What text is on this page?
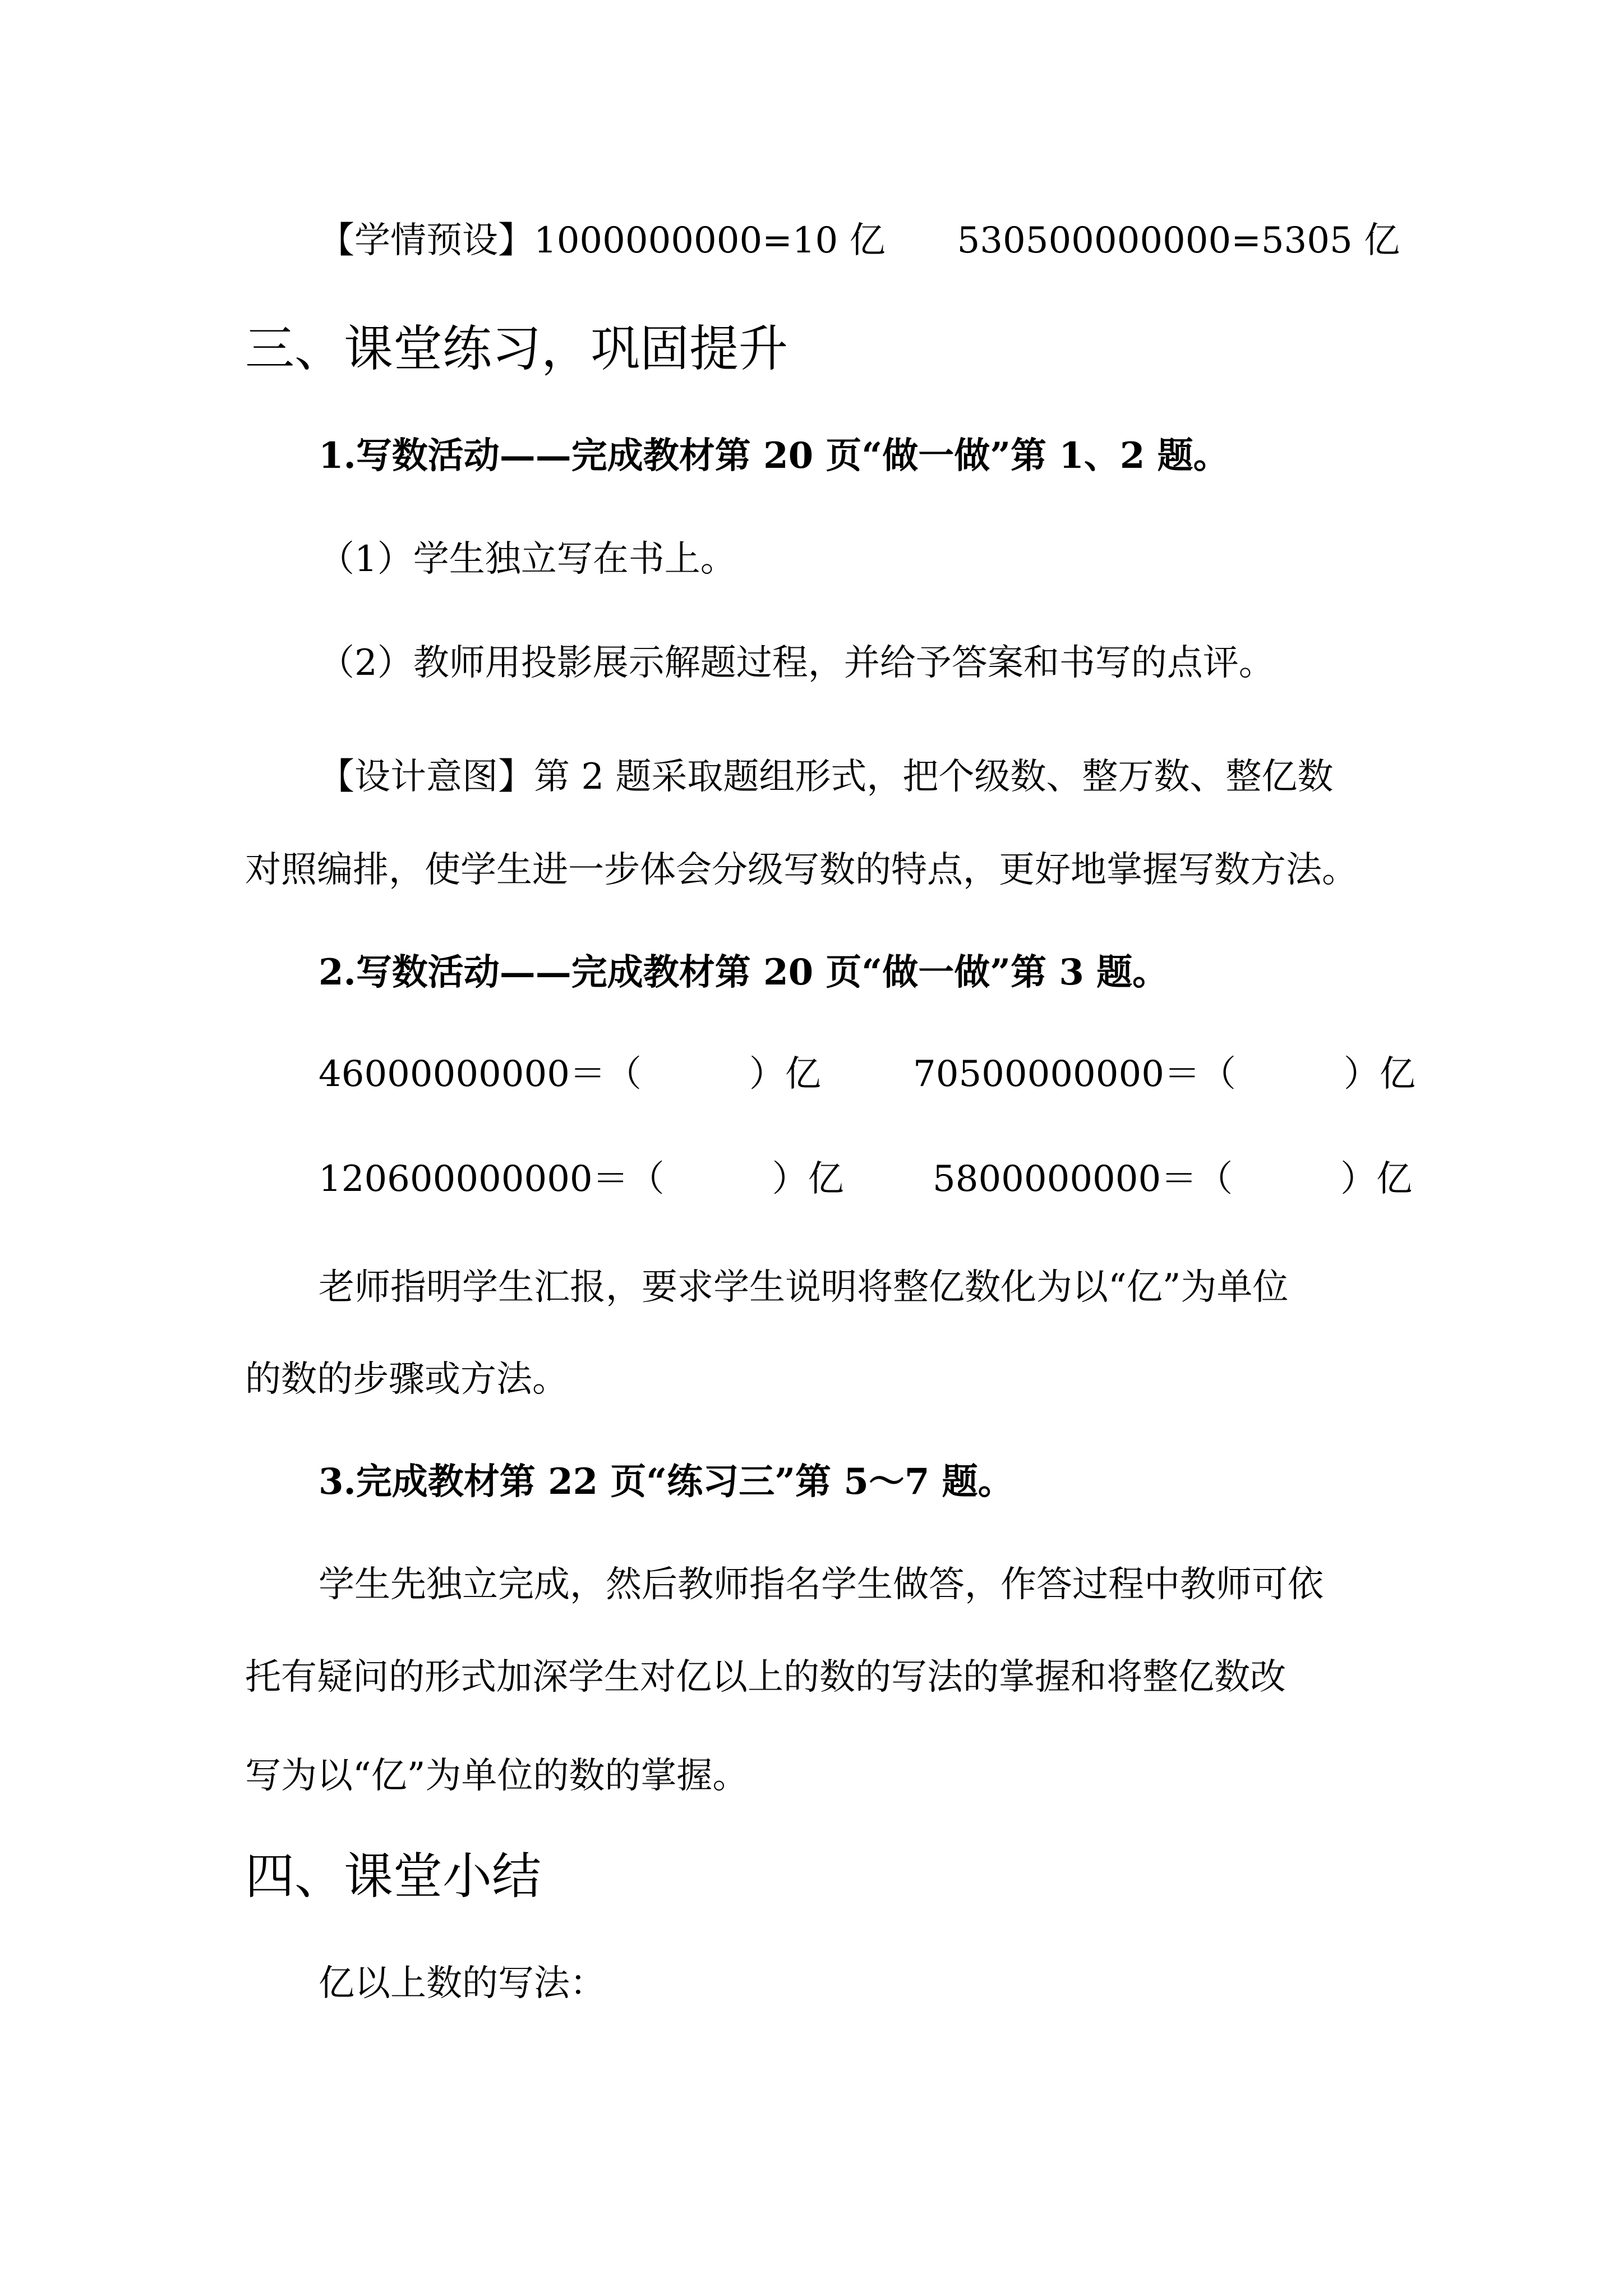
【学情预设】1000000000=10 亿　　530500000000=5305 亿
三、课堂练习，巩固提升
1.写数活动——完成教材第 20 页“做一做”第 1、2 题。
（1）学生独立写在书上。
（2）教师用投影展示解题过程，并给予答案和书写的点评。
【设计意图】第 2 题采取题组形式，把个级数、整万数、整亿数
对照编排，使学生进一步体会分级写数的特点，更好地掌握写数方法。
2.写数活动——完成教材第 20 页“做一做”第 3 题。
46000000000＝（　　　）亿	70500000000＝（　　　）亿
120600000000＝（　　　）亿 5800000000＝（　　　）亿
老师指明学生汇报，要求学生说明将整亿数化为以“亿”为单位
的数的步骤或方法。
3.完成教材第 22 页“练习三”第 5～7 题。
学生先独立完成，然后教师指名学生做答，作答过程中教师可依
托有疑问的形式加深学生对亿以上的数的写法的掌握和将整亿数改
写为以“亿”为单位的数的掌握。
四、课堂小结
亿以上数的写法：
